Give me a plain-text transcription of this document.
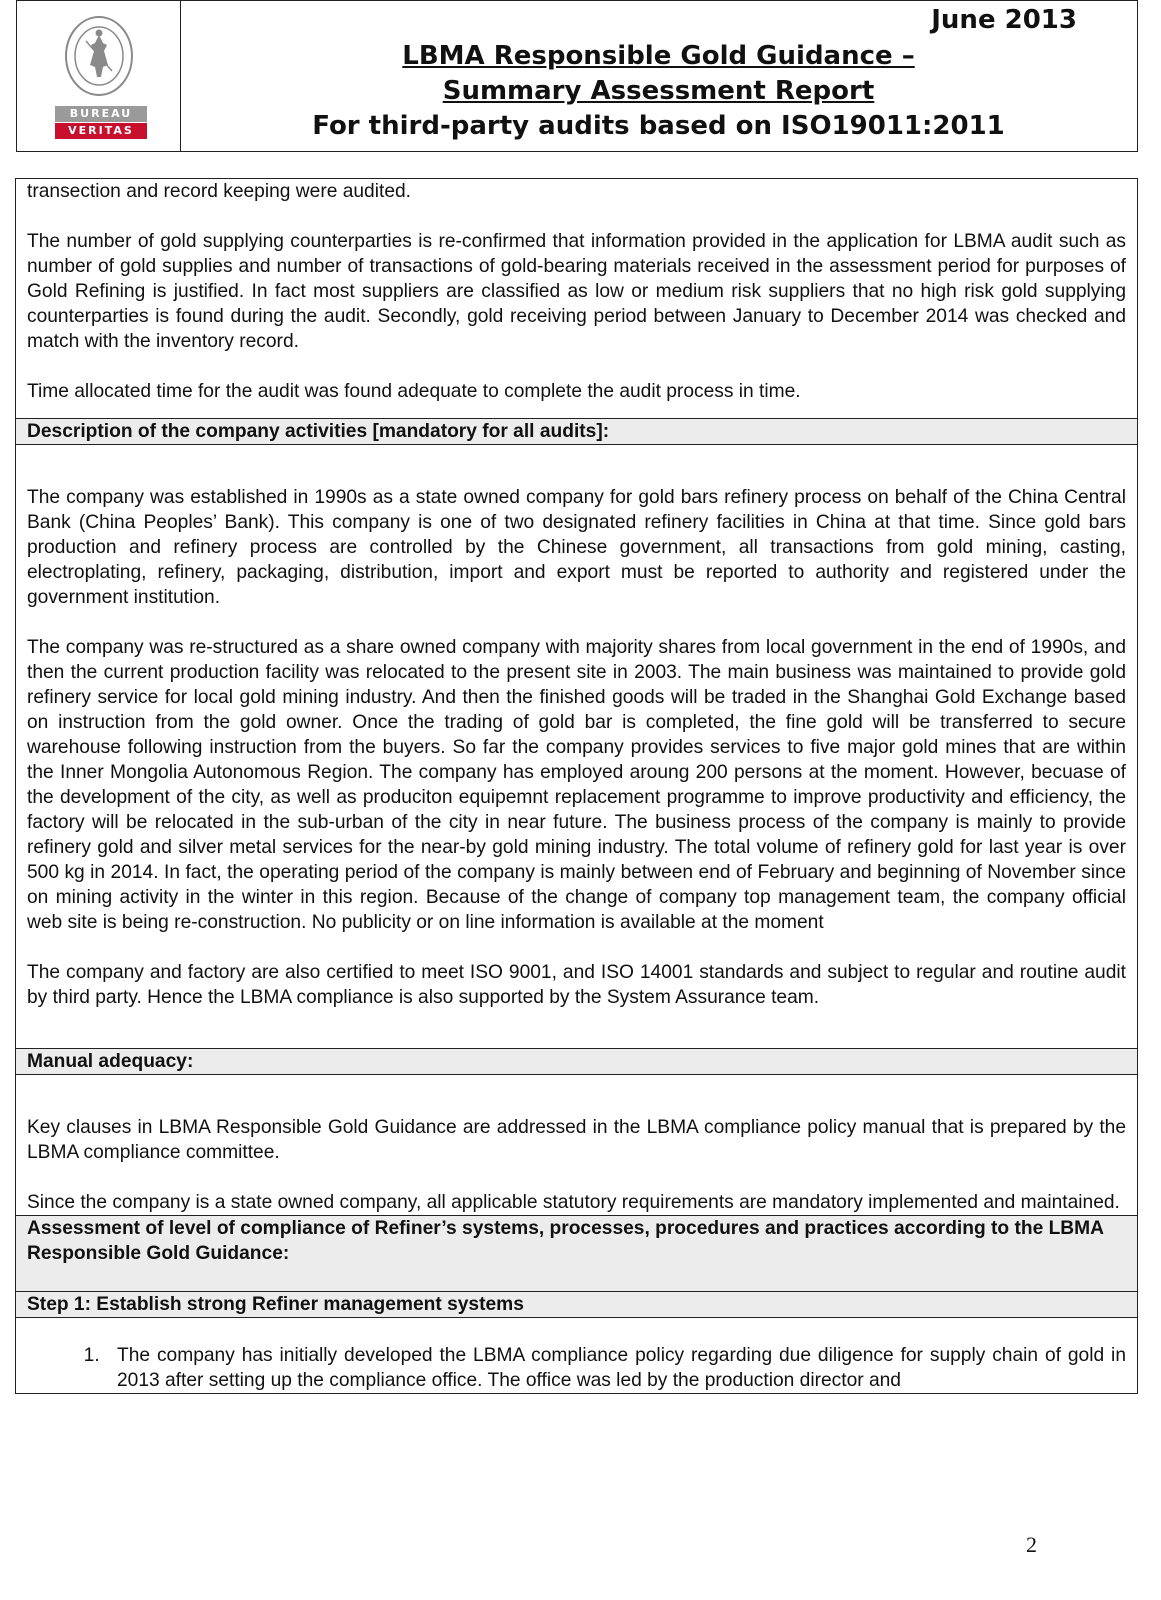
BUREAU
VERITAS
June 2013
LBMA Responsible Gold Guidance –
Summary Assessment Report
For third-party audits based on ISO19011:2011

transection and record keeping were audited.

The number of gold supplying counterparties is re-confirmed that information provided in the application for LBMA audit such as number of gold supplies and number of transactions of gold-bearing materials received in the assessment period for purposes of Gold Refining is justified. In fact most suppliers are classified as low or medium risk suppliers that no high risk gold supplying counterparties is found during the audit. Secondly, gold receiving period between January to December 2014 was checked and match with the inventory record.

Time allocated time for the audit was found adequate to complete the audit process in time.

Description of the company activities [mandatory for all audits]:

The company was established in 1990s as a state owned company for gold bars refinery process on behalf of the China Central Bank (China Peoples’ Bank). This company is one of two designated refinery facilities in China at that time. Since gold bars production and refinery process are controlled by the Chinese government, all transactions from gold mining, casting, electroplating, refinery, packaging, distribution, import and export must be reported to authority and registered under the government institution.

The company was re-structured as a share owned company with majority shares from local government in the end of 1990s, and then the current production facility was relocated to the present site in 2003. The main business was maintained to provide gold refinery service for local gold mining industry. And then the finished goods will be traded in the Shanghai Gold Exchange based on instruction from the gold owner. Once the trading of gold bar is completed, the fine gold will be transferred to secure warehouse following instruction from the buyers. So far the company provides services to five major gold mines that are within the Inner Mongolia Autonomous Region. The company has employed aroung 200 persons at the moment. However, becuase of the development of the city, as well as produciton equipemnt replacement programme to improve productivity and efficiency, the factory will be relocated in the sub-urban of the city in near future. The business process of the company is mainly to provide refinery gold and silver metal services for the near-by gold mining industry. The total volume of refinery gold for last year is over 500 kg in 2014. In fact, the operating period of the company is mainly between end of February and beginning of November since on mining activity in the winter in this region. Because of the change of company top management team, the company official web site is being re-construction. No publicity or on line information is available at the moment

The company and factory are also certified to meet ISO 9001, and ISO 14001 standards and subject to regular and routine audit by third party. Hence the LBMA compliance is also supported by the System Assurance team.

Manual adequacy:

Key clauses in LBMA Responsible Gold Guidance are addressed in the LBMA compliance policy manual that is prepared by the LBMA compliance committee.

Since the company is a state owned company, all applicable statutory requirements are mandatory implemented and maintained.

Assessment of level of compliance of Refiner’s systems, processes, procedures and practices according to the LBMA Responsible Gold Guidance:

Step 1: Establish strong Refiner management systems

1. The company has initially developed the LBMA compliance policy regarding due diligence for supply chain of gold in 2013 after setting up the compliance office. The office was led by the production director and
2
